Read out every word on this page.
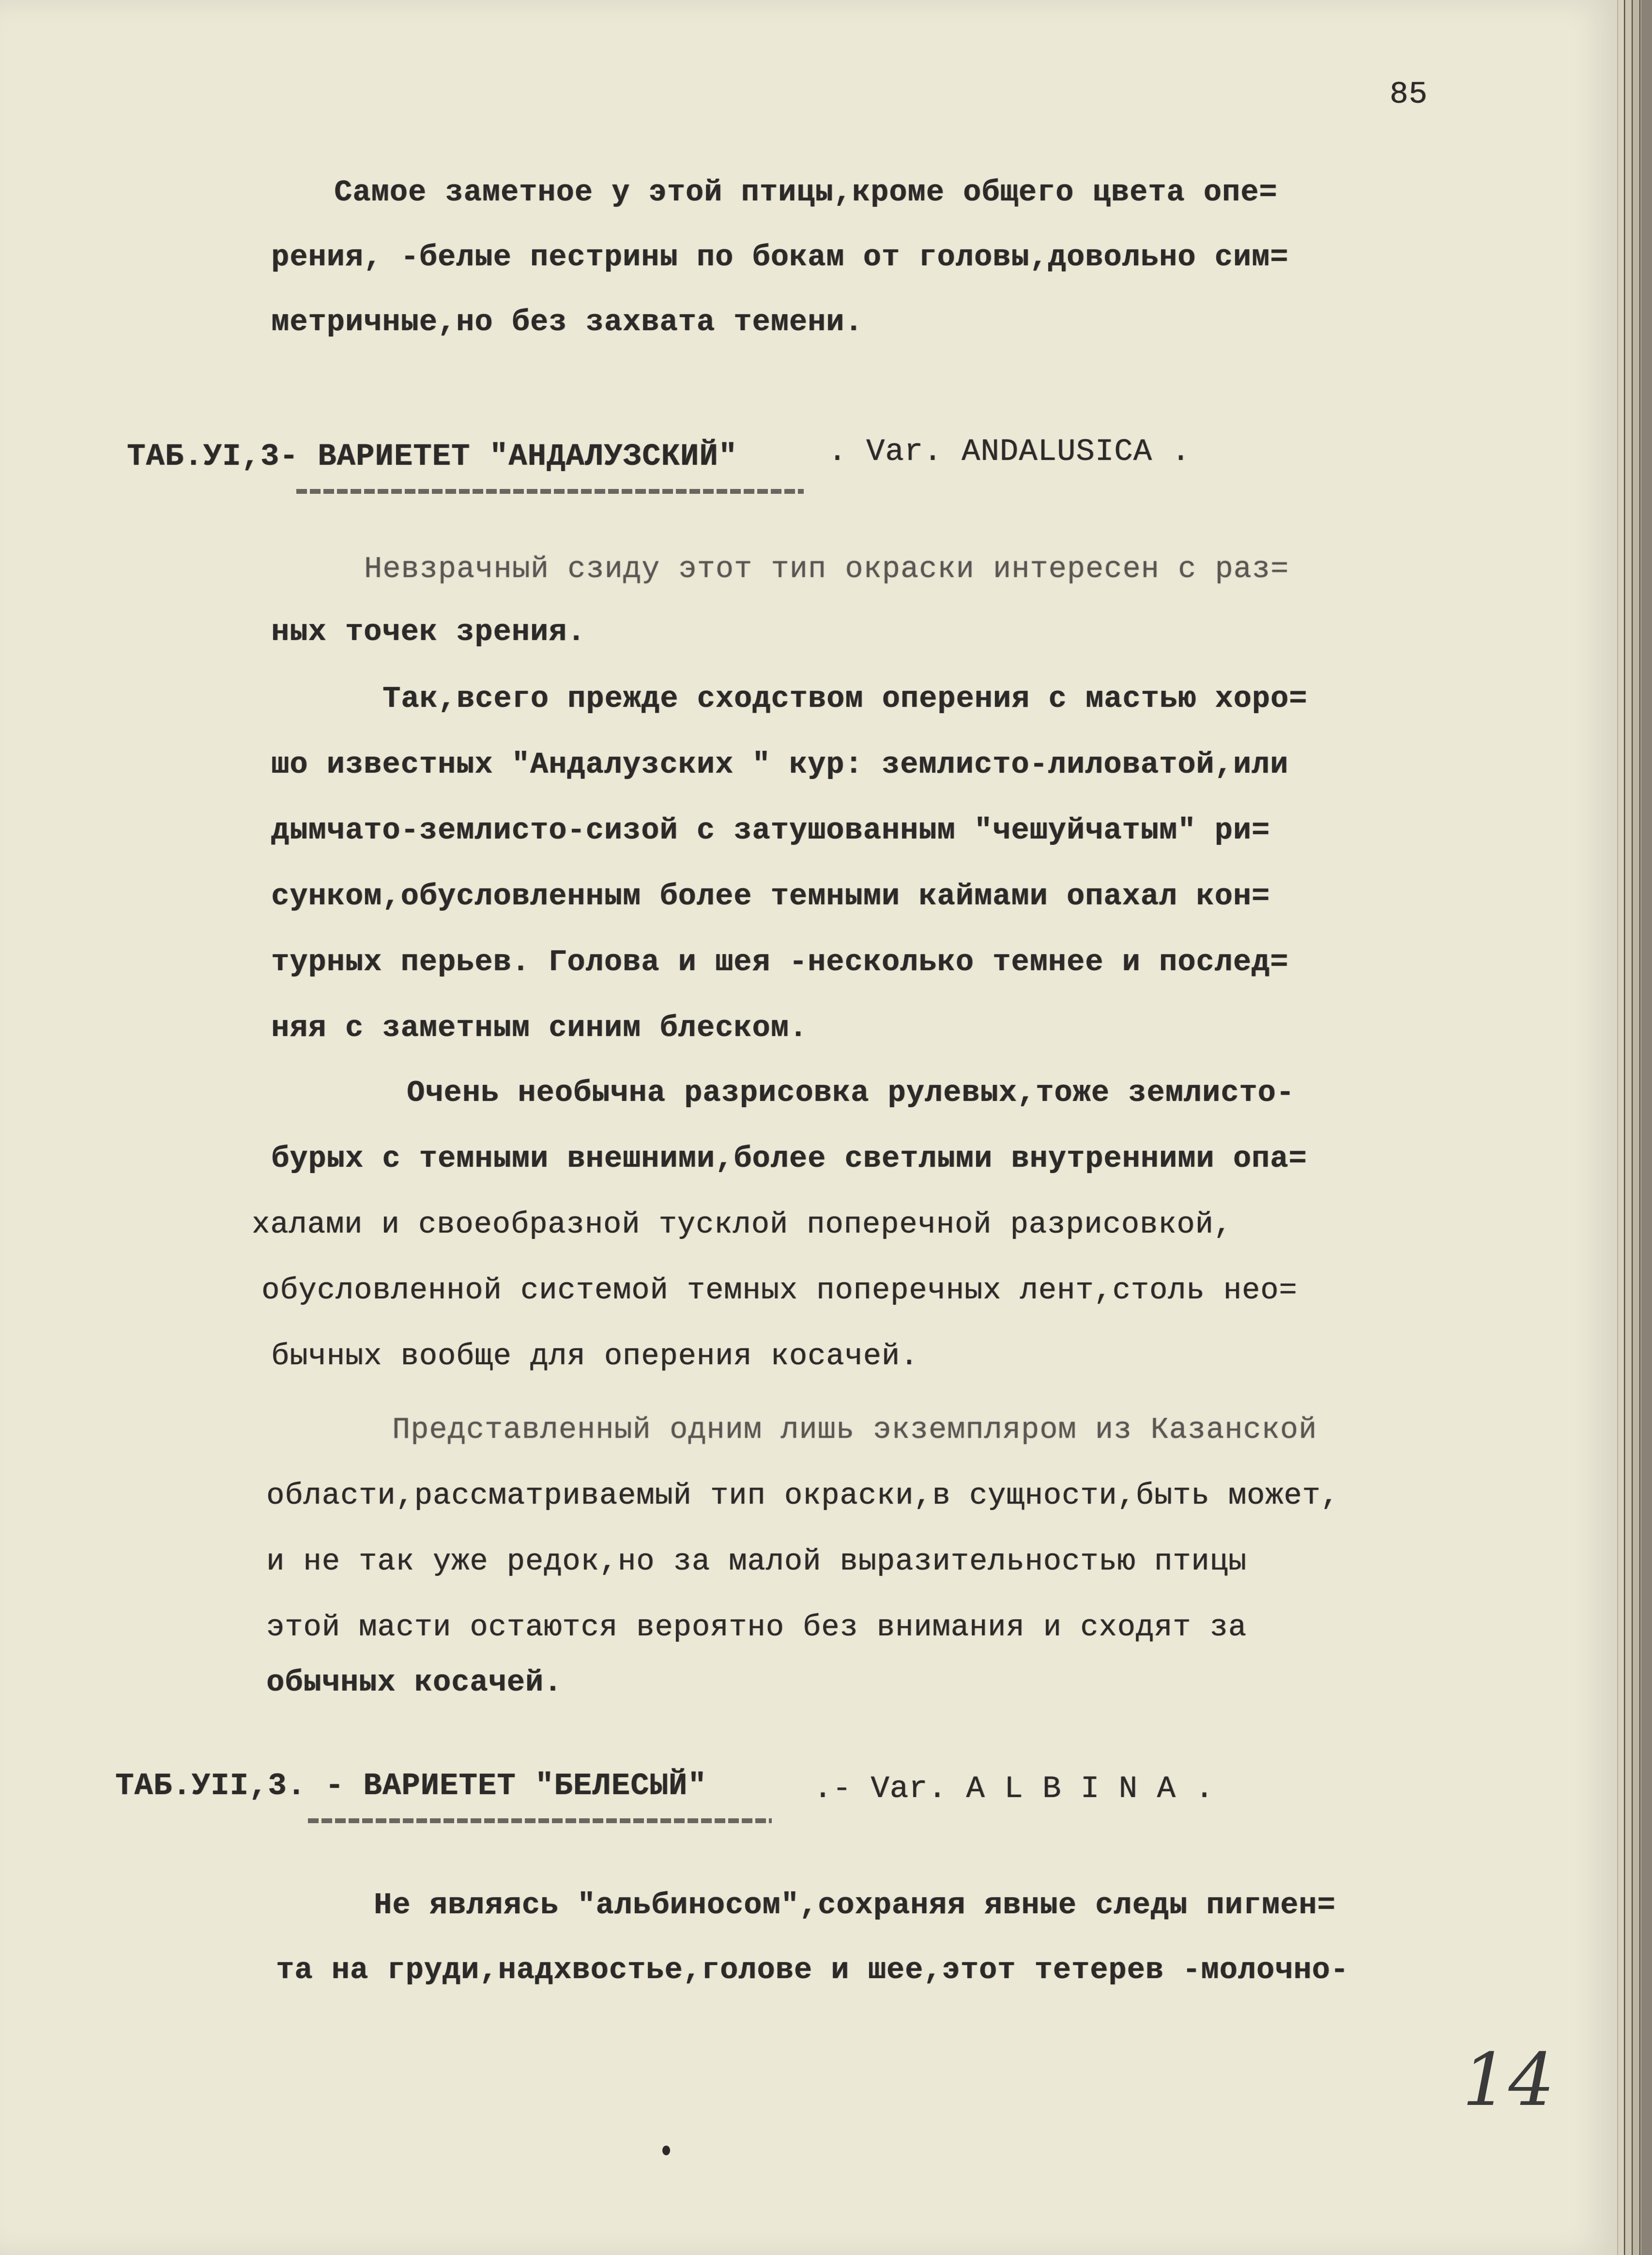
85
Самое заметное у этой птицы,кроме общего цвета опе=
рения, -белые пестрины по бокам от головы,довольно сим=
метричные,но без захвата темени.
ТАБ.УI,3- ВАРИЕТЕТ "АНДАЛУЗСКИЙ"	. Var. ANDALUSICA .
Невзрачный сзиду этот тип окраски интересен с раз=
ных точек зрения.
Так,всего прежде сходством оперения с мастью хоро=
шо известных "Андалузских " кур: землисто-лиловатой,или
дымчато-землисто-сизой с затушованным "чешуйчатым" ри=
сунком,обусловленным более темными каймами опахал кон=
турных перьев. Голова и шея -несколько темнее и послед=
няя с заметным синим блеском.
Очень необычна разрисовка рулевых,тоже землисто-
бурых с темными внешними,более светлыми внутренними опа=
халами и своеобразной тусклой поперечной разрисовкой,
обусловленной системой темных поперечных лент,столь нео=
бычных вообще для оперения косачей.
Представленный одним лишь экземпляром из Казанской
области,рассматриваемый тип окраски,в сущности,быть может,
и не так уже редок,но за малой выразительностью птицы
этой масти остаются вероятно без внимания и сходят за
обычных косачей.
ТАБ.УII,3. - ВАРИЕТЕТ "БЕЛЕСЫЙ"	.- Var. A L B I N A .
Не являясь "альбиносом",сохраняя явные следы пигмен=
та на груди,надхвостье,голове и шее,этот тетерев -молочно-
14
